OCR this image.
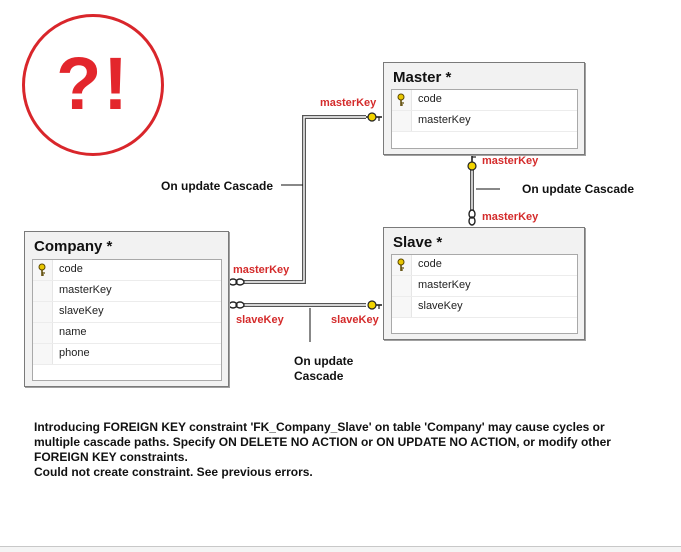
?!	Master *
code
masterKey
Company *
code
masterKey
slaveKey
name
phone
Slave *
code
masterKey
slaveKey
masterKey
masterKey
masterKey
masterKey
slaveKey	slaveKey
On update Cascade	On update Cascade
On update
Cascade
Introducing FOREIGN KEY constraint 'FK_Company_Slave' on table 'Company' may cause cycles or
multiple cascade paths. Specify ON DELETE NO ACTION or ON UPDATE NO ACTION, or modify other
FOREIGN KEY constraints.
Could not create constraint. See previous errors.
